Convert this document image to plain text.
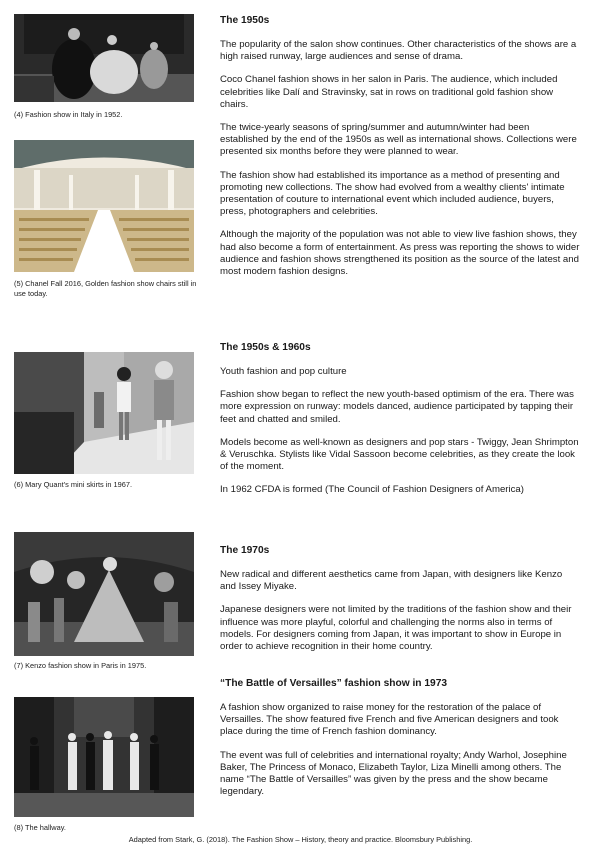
(4) Fashion show in Italy in 1952.
(5) Chanel Fall 2016, Golden fashion show chairs still in use today.
(6) Mary Quant's mini skirts in 1967.
(7) Kenzo fashion show in Paris in 1975.
(8) The hallway.
The 1950s

The popularity of the salon show continues. Other characteristics of the shows are a high raised runway, large audiences and sense of drama.

Coco Chanel fashion shows in her salon in Paris. The audience, which included celebrities like Dalí and Stravinsky, sat in rows on traditional gold fashion show chairs.

The twice-yearly seasons of spring/summer and autumn/winter had been established by the end of the 1950s as well as international shows. Collections were presented six months before they were planned to wear.

The fashion show had established its importance as a method of presenting and promoting new collections. The show had evolved from a wealthy clients' intimate presentation of couture to international event which included audience, buyers, press, photographers and celebrities.

Although the majority of the population was not able to view live fashion shows, they had also become a form of entertainment. As press was reporting the shows to wider audience and fashion shows strengthened its position as the source of the latest and most modern fashion designs.

The 1950s & 1960s

Youth fashion and pop culture

Fashion show began to reflect the new youth-based optimism of the era. There was more expression on runway: models danced, audience participated by tapping their feet and chatted and smiled.

Models become as well-known as designers and pop stars - Twiggy, Jean Shrimpton & Veruschka. Stylists like Vidal Sassoon become celebrities, as they create the look of the moment.

In 1962 CFDA is formed (The Council of Fashion Designers of America)

The 1970s

New radical and different aesthetics came from Japan, with designers like Kenzo and Issey Miyake.

Japanese designers were not limited by the traditions of the fashion show and their influence was more playful, colorful and challenging the norms also in terms of models. For designers coming from Japan, it was important to show in Europe in order to achieve recognition in their home country.

“The Battle of Versailles” fashion show in 1973

A fashion show organized to raise money for the restoration of the palace of Versailles. The show featured five French and five American designers and took place during the time of French fashion dominancy.

The event was full of celebrities and international royalty; Andy Warhol, Josephine Baker, The Princess of Monaco, Elizabeth Taylor, Liza Minelli among others. The name “The Battle of Versailles” was given by the press and the show became legendary.

Adapted from Stark, G. (2018). The Fashion Show – History, theory and practice. Bloomsbury Publishing.
